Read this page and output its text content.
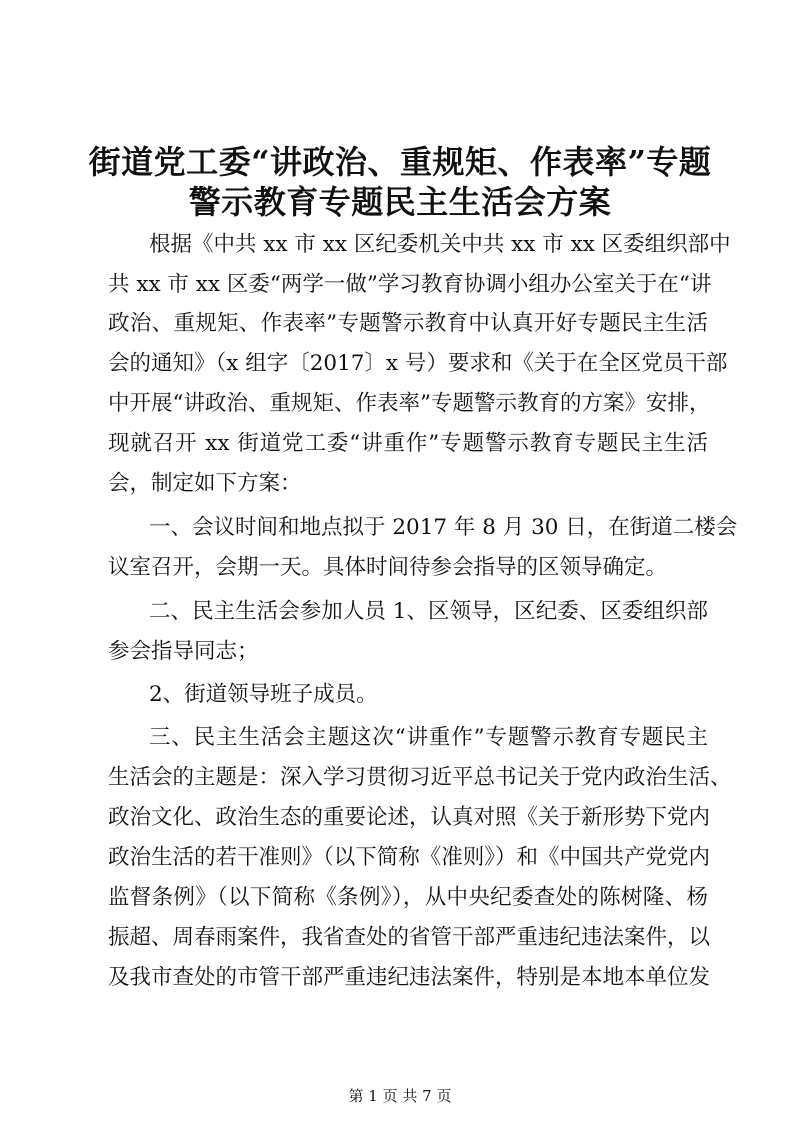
街道党工委“讲政治、重规矩、作表率”专题
警示教育专题民主生活会方案
根据《中共 xx 市 xx 区纪委机关中共 xx 市 xx 区委组织部中
共 xx 市 xx 区委“两学一做”学习教育协调小组办公室关于在“讲
政治、重规矩、作表率”专题警示教育中认真开好专题民主生活
会的通知》（x 组字〔2017〕x 号）要求和《关于在全区党员干部
中开展“讲政治、重规矩、作表率”专题警示教育的方案》安排，
现就召开 xx 街道党工委“讲重作”专题警示教育专题民主生活
会，制定如下方案：
一、会议时间和地点拟于 2017 年 8 月 30 日，在街道二楼会
议室召开，会期一天。具体时间待参会指导的区领导确定。
二、民主生活会参加人员 1、区领导，区纪委、区委组织部
参会指导同志；
2、街道领导班子成员。
三、民主生活会主题这次“讲重作”专题警示教育专题民主
生活会的主题是：深入学习贯彻习近平总书记关于党内政治生活、
政治文化、政治生态的重要论述，认真对照《关于新形势下党内
政治生活的若干准则》（以下简称《准则》）和《中国共产党党内
监督条例》（以下简称《条例》），从中央纪委查处的陈树隆、杨
振超、周春雨案件，我省查处的省管干部严重违纪违法案件，以
及我市查处的市管干部严重违纪违法案件，特别是本地本单位发
第 1 页 共 7 页
